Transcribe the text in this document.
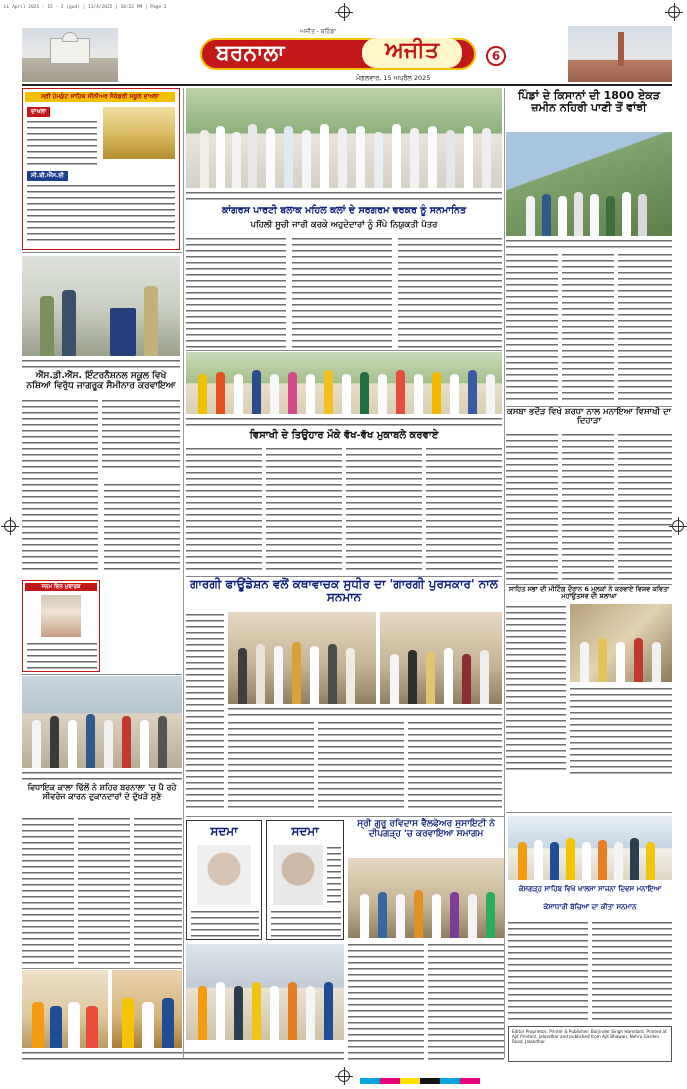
LL April 2025 - 15 - 2 (gud) | 11/4/2025 | 10:22 PM | Page 2
ਅਜੀਤ - ਬਠਿੰਡਾ
ਬਰਨਾਲਾ	ਅਜੀਤ
ਮੰਗਲਵਾਰ, 15 ਅਪ੍ਰੈਲ 2025
6
ਸ੍ਰੀ ਹੇਮਕੁੰਟ ਸਾਹਿਬ ਸੀਨੀਅਰ ਸੈਕੰਡਰੀ ਸਕੂਲ ਦਾਖਲਾ
ਦਾਖਲਾ
ਸੀ.ਬੀ.ਐੱਸ.ਈ
ਐੱਸ.ਡੀ.ਐੱਸ. ਇੰਟਰਨੈਸ਼ਨਲ ਸਕੂਲ ਵਿਖੇ ਨਸ਼ਿਆਂ ਵਿਰੁੱਧ ਜਾਗਰੂਕ ਸੈਮੀਨਾਰ ਕਰਵਾਇਆ
ਜਨਮ ਦਿਨ ਮੁਬਾਰਕ
ਕਾਂਗਰਸ ਪਾਰਟੀ ਬਲਾਕ ਮਹਿਲ ਕਲਾਂ ਦੇ ਸਰਗਰਮ ਵਰਕਰ ਨੂੰ ਸਨਮਾਨਿਤ
ਪਹਿਲੀ ਸੂਚੀ ਜਾਰੀ ਕਰਕੇ ਅਹੁਦੇਦਾਰਾਂ ਨੂੰ ਸੌਂਪੇ ਨਿਯੁਕਤੀ ਪੱਤਰ
ਵਿਸਾਖੀ ਦੇ ਤਿਉਹਾਰ ਮੌਕੇ ਵੱਖ-ਵੱਖ ਮੁਕਾਬਲੇ ਕਰਵਾਏ
ਗਾਰਗੀ ਫਾਊਂਡੇਸ਼ਨ ਵਲੋਂ ਕਥਾਵਾਚਕ ਸੁਧੀਰ ਦਾ 'ਗਾਰਗੀ ਪੁਰਸਕਾਰ' ਨਾਲ ਸਨਮਾਨ
ਪਿੰਡਾਂ ਦੇ ਕਿਸਾਨਾਂ ਦੀ 1800 ਏਕੜ ਜ਼ਮੀਨ ਨਹਿਰੀ ਪਾਣੀ ਤੋਂ ਵਾਂਝੀ
ਕਸਬਾ ਭਦੌੜ ਵਿਖੇ ਸ਼ਰਧਾ ਨਾਲ ਮਨਾਇਆ ਵਿਸਾਖੀ ਦਾ ਦਿਹਾੜਾ
ਸਾਹਿਤ ਸਭਾ ਦੀ ਮੀਟਿੰਗ ਦੌਰਾਨ 6 ਮੁਲਕਾਂ ਨੇ ਕਰਵਾਏ ਵਿਸ਼ਵ ਕਵਿਤਾ ਮਹਾਂਉਤਸਵ ਦੀ ਸ਼ਲਾਘਾ
ਸ੍ਰੀ ਗੁਰੂ ਰਵਿਦਾਸ ਵੈੱਲਫੇਅਰ ਸੁਸਾਇਟੀ ਨੇ ਦੀਪਗੜ੍ਹ 'ਚ ਕਰਵਾਇਆ ਸਮਾਗਮ
ਕੇਸਗੜ੍ਹ ਸਾਹਿਬ ਵਿਖੇ ਖਾਲਸਾ ਸਾਜਨਾ ਦਿਵਸ ਮਨਾਇਆ
ਕੇਸਾਧਾਰੀ ਬੱਚਿਆਂ ਦਾ ਕੀਤਾ ਸਨਮਾਨ
Editor Proprietor, Printer & Publisher: Barjinder Singh Hamdard. Printed at Ajit Printers, Jalandhar and published from Ajit Bhawan, Nehru Garden Road, Jalandhar.
ਵਿਧਾਇਕ ਕਾਲਾ ਢਿੱਲੋਂ ਨੇ ਸ਼ਹਿਰ ਬਰਨਾਲਾ 'ਚ ਪੈ ਰਹੇ ਸੀਵਰੇਜ ਕਾਰਨ ਦੁਕਾਨਦਾਰਾਂ ਦੇ ਦੁੱਖੜੇ ਸੁਣੇ
ਸਦਮਾ	ਸਦਮਾ
